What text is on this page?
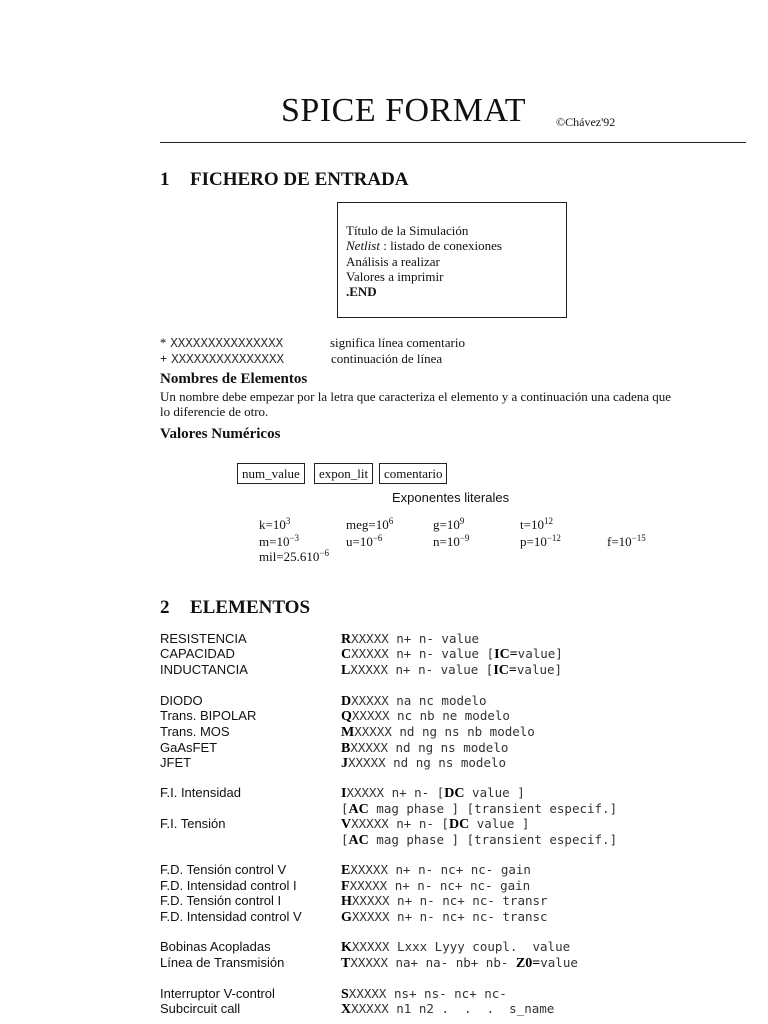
SPICE FORMAT ©Chávez'92
1 FICHERO DE ENTRADA
Título de la Simulación
Netlist : listado de conexiones
Análisis a realizar
Valores a imprimir
.END
* XXXXXXXXXXXXXXX	significa línea comentario
+ XXXXXXXXXXXXXXX	continuación de línea
Nombres de Elementos
Un nombre debe empezar por la letra que caracteriza el elemento y a continuación una cadena que
lo diferencie de otro.
Valores Numéricos
num_value	expon_lit	comentario
Exponentes literales
$k=10^3$	$meg=10^6$	$g=10^9$	$t=10^{12}$
$m=10^{-3}$	$u=10^{-6}$	$n=10^{-9}$	$p=10^{-12}$	$f=10^{-15}$
$mil=25.610^{-6}$
2 ELEMENTOS
RESISTENCIA	RXXXXX n+ n- value
CAPACIDAD	CXXXXX n+ n- value [IC=value]
INDUCTANCIA	LXXXXX n+ n- value [IC=value]
DIODO	DXXXXX na nc modelo
Trans. BIPOLAR	QXXXXX nc nb ne modelo
Trans. MOS	MXXXXX nd ng ns nb modelo
GaAsFET	BXXXXX nd ng ns modelo
JFET	JXXXXX nd ng ns modelo
F.I. Intensidad	IXXXXX n+ n- [DC value ]
[AC mag phase ] [transient especif.]
F.I. Tensión	VXXXXX n+ n- [DC value ]
[AC mag phase ] [transient especif.]
F.D. Tensión control V	EXXXXX n+ n- nc+ nc- gain
F.D. Intensidad control I	FXXXXX n+ n- nc+ nc- gain
F.D. Tensión control I	HXXXXX n+ n- nc+ nc- transr
F.D. Intensidad control V	GXXXXX n+ n- nc+ nc- transc
Bobinas Acopladas	KXXXXX Lxxx Lyyy coupl.  value
Línea de Transmisión	TXXXXX na+ na- nb+ nb- Z0=value
Interruptor V-control	SXXXXX ns+ ns- nc+ nc-
Subcircuit call	XXXXXX n1 n2 .  .  .  s_name
